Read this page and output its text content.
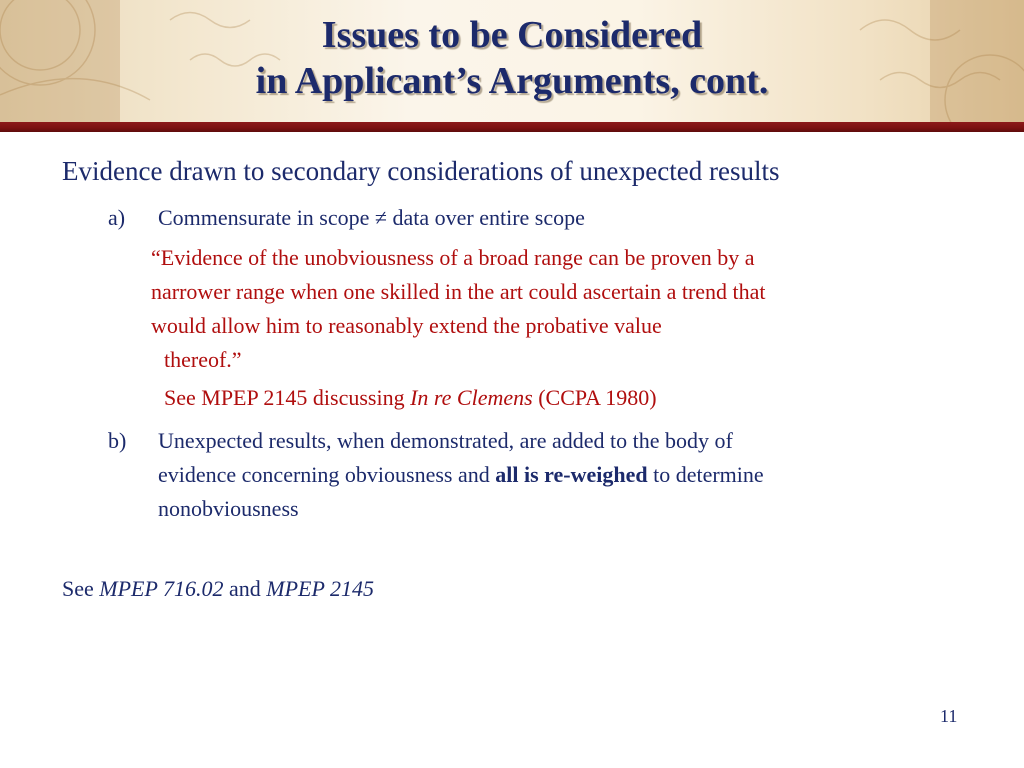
Issues to be Considered
in Applicant’s Arguments, cont.
Evidence drawn to secondary considerations of unexpected results
a) Commensurate in scope ≠ data over entire scope
“Evidence of the unobviousness of a broad range can be proven by a
narrower range when one skilled in the art could ascertain a trend that
would allow him to reasonably extend the probative value
thereof.”
See MPEP 2145 discussing In re Clemens (CCPA 1980)
b) Unexpected results, when demonstrated, are added to the body of
evidence concerning obviousness and all is re-weighed to determine
nonobviousness
See MPEP 716.02 and MPEP 2145
11
